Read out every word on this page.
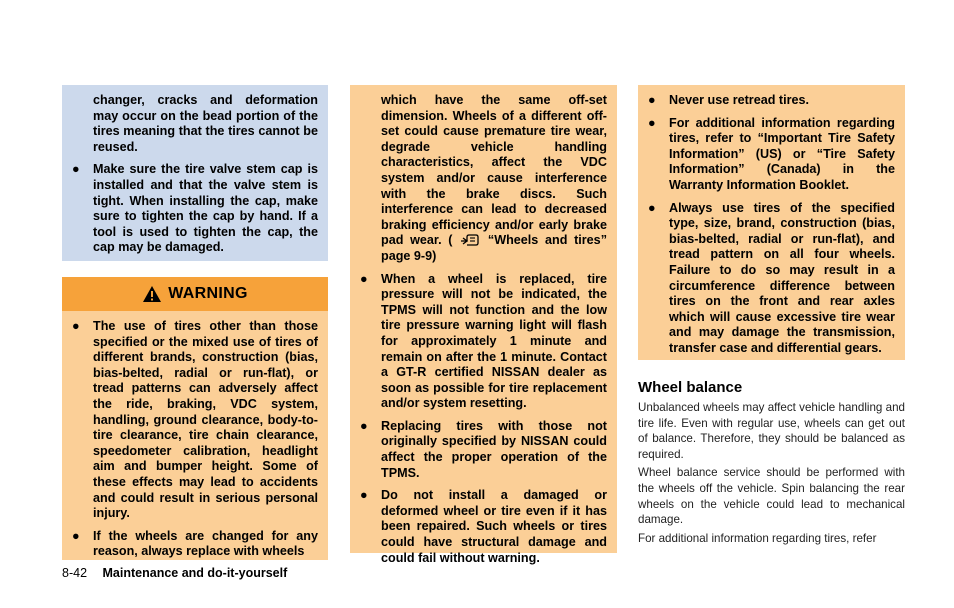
changer, cracks and deformation may occur on the bead portion of the tires meaning that the tires cannot be reused.
● Make sure the tire valve stem cap is installed and that the valve stem is tight. When installing the cap, make sure to tighten the cap by hand. If a tool is used to tighten the cap, the cap may be damaged.
WARNING
● The use of tires other than those specified or the mixed use of tires of different brands, construction (bias, bias-belted, radial or run-flat), or tread patterns can adversely affect the ride, braking, VDC system, handling, ground clearance, body-to-tire clearance, tire chain clearance, speedometer calibration, headlight aim and bumper height. Some of these effects may lead to accidents and could result in serious personal injury.
● If the wheels are changed for any reason, always replace with wheels
which have the same off-set dimension. Wheels of a different off-set could cause premature tire wear, degrade vehicle handling characteristics, affect the VDC system and/or cause interference with the brake discs. Such interference can lead to decreased braking efficiency and/or early brake pad wear. (	“Wheels and tires” page 9-9)
● When a wheel is replaced, tire pressure will not be indicated, the TPMS will not function and the low tire pressure warning light will flash for approximately 1 minute and remain on after the 1 minute. Contact a GT-R certified NISSAN dealer as soon as possible for tire replacement and/or system resetting.
● Replacing tires with those not originally specified by NISSAN could affect the proper operation of the TPMS.
● Do not install a damaged or deformed wheel or tire even if it has been repaired. Such wheels or tires could have structural damage and could fail without warning.
● Never use retread tires.
● For additional information regarding tires, refer to “Important Tire Safety Information” (US) or “Tire Safety Information” (Canada) in the Warranty Information Booklet.
● Always use tires of the specified type, size, brand, construction (bias, bias-belted, radial or run-flat), and tread pattern on all four wheels. Failure to do so may result in a circumference difference between tires on the front and rear axles which will cause excessive tire wear and may damage the transmission, transfer case and differential gears.
Wheel balance

Unbalanced wheels may affect vehicle handling and tire life. Even with regular use, wheels can get out of balance. Therefore, they should be balanced as required.

Wheel balance service should be performed with the wheels off the vehicle. Spin balancing the rear wheels on the vehicle could lead to mechanical damage.

For additional information regarding tires, refer

8-42 Maintenance and do-it-yourself
